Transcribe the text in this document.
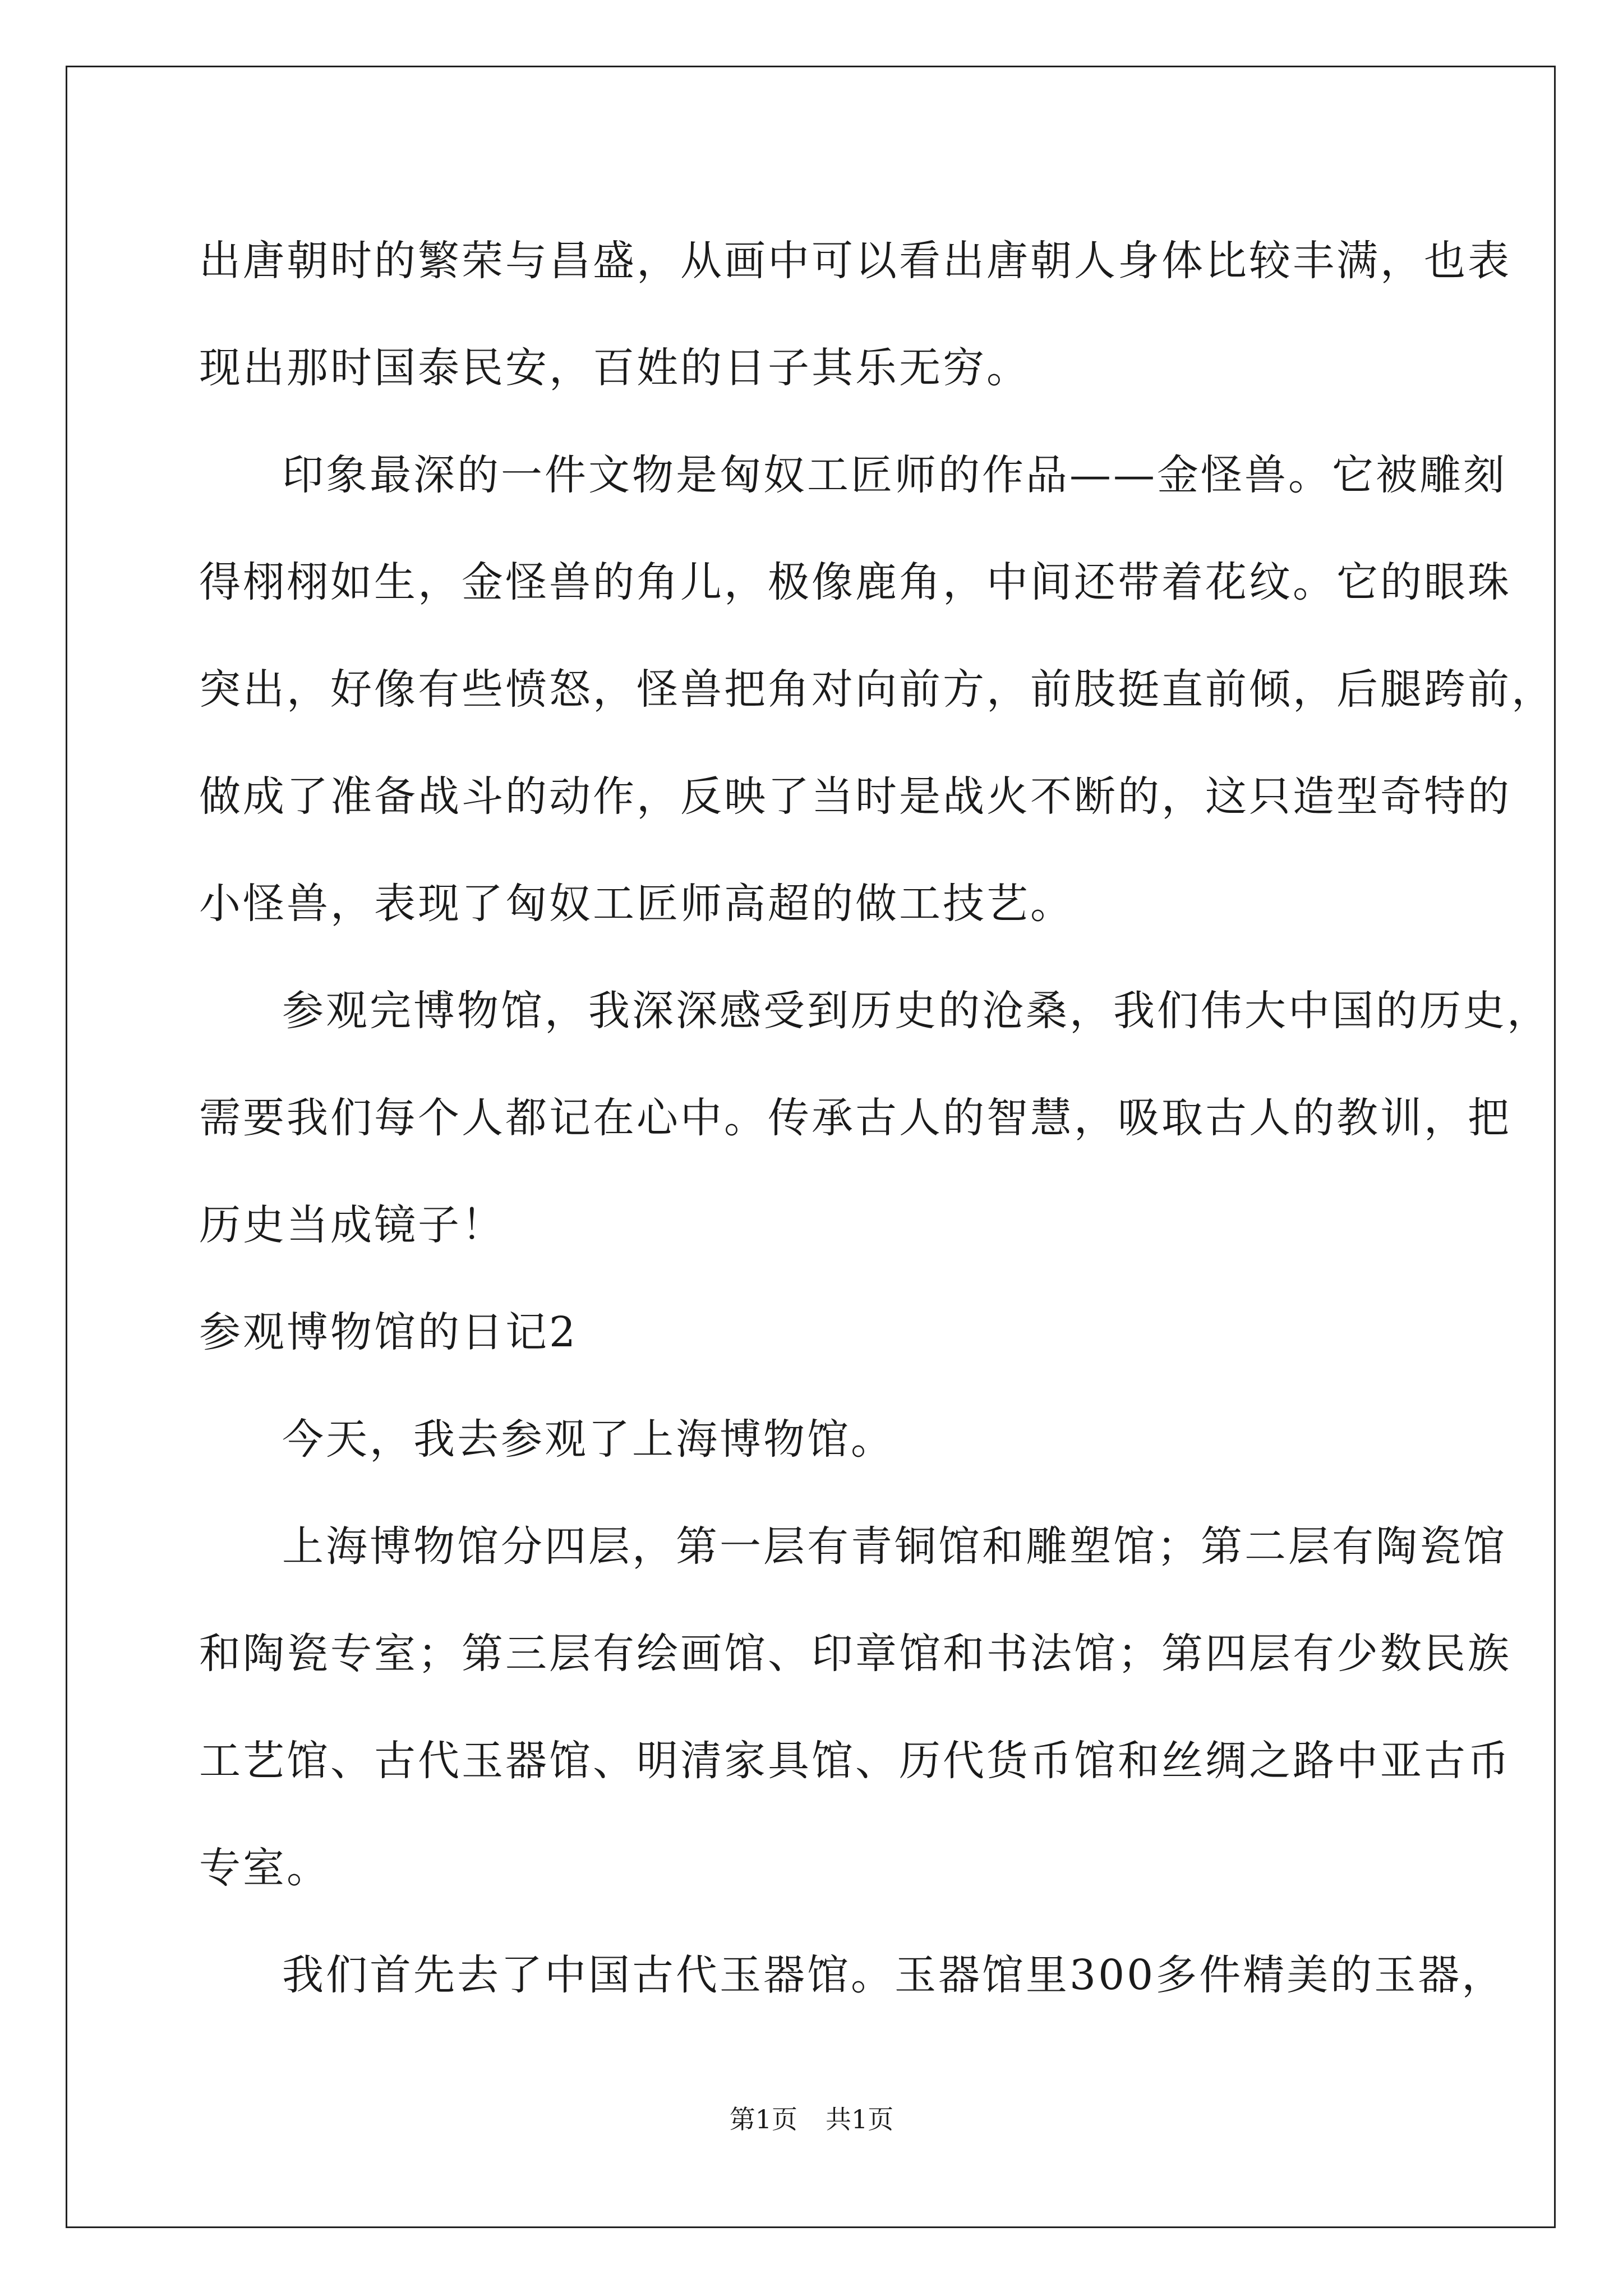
出唐朝时的繁荣与昌盛，从画中可以看出唐朝人身体比较丰满，也表
现出那时国泰民安，百姓的日子其乐无穷。
印象最深的一件文物是匈奴工匠师的作品——金怪兽。它被雕刻
得栩栩如生，金怪兽的角儿，极像鹿角，中间还带着花纹。它的眼珠
突出，好像有些愤怒，怪兽把角对向前方，前肢挺直前倾，后腿跨前，
做成了准备战斗的动作，反映了当时是战火不断的，这只造型奇特的
小怪兽，表现了匈奴工匠师高超的做工技艺。
参观完博物馆，我深深感受到历史的沧桑，我们伟大中国的历史，
需要我们每个人都记在心中。传承古人的智慧，吸取古人的教训，把
历史当成镜子！
参观博物馆的日记2
今天，我去参观了上海博物馆。
上海博物馆分四层，第一层有青铜馆和雕塑馆；第二层有陶瓷馆
和陶瓷专室；第三层有绘画馆、印章馆和书法馆；第四层有少数民族
工艺馆、古代玉器馆、明清家具馆、历代货币馆和丝绸之路中亚古币
专室。
我们首先去了中国古代玉器馆。玉器馆里300多件精美的玉器，
第1页 共1页
